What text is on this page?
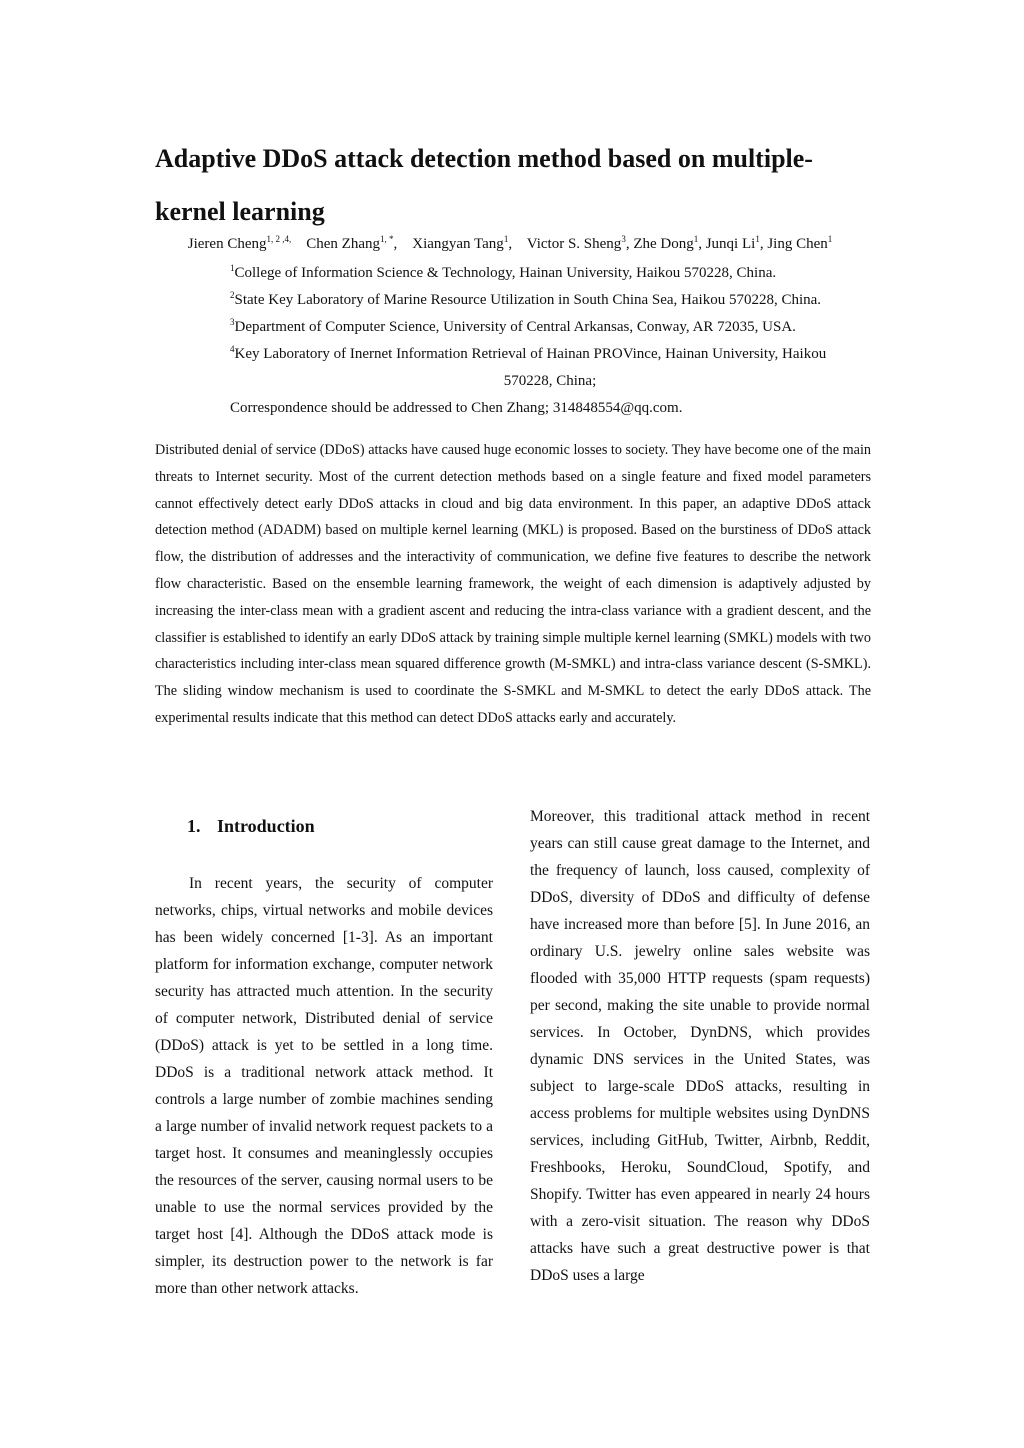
Adaptive DDoS attack detection method based on multiple-kernel learning
Jieren Cheng$^{1, 2 ,4,}$ Chen Zhang$^{1, *}$,    Xiangyan Tang$^1$,    Victor S. Sheng$^3$, Zhe Dong$^1$, Junqi Li$^1$, Jing Chen$^1$

$^1$College of Information Science & Technology, Hainan University, Haikou 570228, China.

$^2$State Key Laboratory of Marine Resource Utilization in South China Sea, Haikou 570228, China.

$^3$Department of Computer Science, University of Central Arkansas, Conway, AR 72035, USA.

$^4$Key Laboratory of Inernet Information Retrieval of Hainan PROVince, Hainan University, Haikou
570228, China;

Correspondence should be addressed to Chen Zhang; 314848554@qq.com.

Distributed denial of service (DDoS) attacks have caused huge economic losses to society. They have become one of the main threats to Internet security. Most of the current detection methods based on a single feature and fixed model parameters cannot effectively detect early DDoS attacks in cloud and big data environment. In this paper, an adaptive DDoS attack detection method (ADADM) based on multiple kernel learning (MKL) is proposed. Based on the burstiness of DDoS attack flow, the distribution of addresses and the interactivity of communication, we define five features to describe the network flow characteristic. Based on the ensemble learning framework, the weight of each dimension is adaptively adjusted by increasing the inter-class mean with a gradient ascent and reducing the intra-class variance with a gradient descent, and the classifier is established to identify an early DDoS attack by training simple multiple kernel learning (SMKL) models with two characteristics including inter-class mean squared difference growth (M-SMKL) and intra-class variance descent (S-SMKL). The sliding window mechanism is used to coordinate the S-SMKL and M-SMKL to detect the early DDoS attack. The experimental results indicate that this method can detect DDoS attacks early and accurately.

1. Introduction

In recent years, the security of computer networks, chips, virtual networks and mobile devices has been widely concerned [1-3]. As an important platform for information exchange, computer network security has attracted much attention. In the security of computer network, Distributed denial of service (DDoS) attack is yet to be settled in a long time. DDoS is a traditional network attack method. It controls a large number of zombie machines sending a large number of invalid network request packets to a target host. It consumes and meaninglessly occupies the resources of the server, causing normal users to be unable to use the normal services provided by the target host [4]. Although the DDoS attack mode is simpler, its destruction power to the network is far more than other network attacks.

Moreover, this traditional attack method in recent years can still cause great damage to the Internet, and the frequency of launch, loss caused, complexity of DDoS, diversity of DDoS and difficulty of defense have increased more than before [5]. In June 2016, an ordinary U.S. jewelry online sales website was flooded with 35,000 HTTP requests (spam requests) per second, making the site unable to provide normal services. In October, DynDNS, which provides dynamic DNS services in the United States, was subject to large-scale DDoS attacks, resulting in access problems for multiple websites using DynDNS services, including GitHub, Twitter, Airbnb, Reddit, Freshbooks, Heroku, SoundCloud, Spotify, and Shopify. Twitter has even appeared in nearly 24 hours with a zero-visit situation. The reason why DDoS attacks have such a great destructive power is that DDoS uses a large
